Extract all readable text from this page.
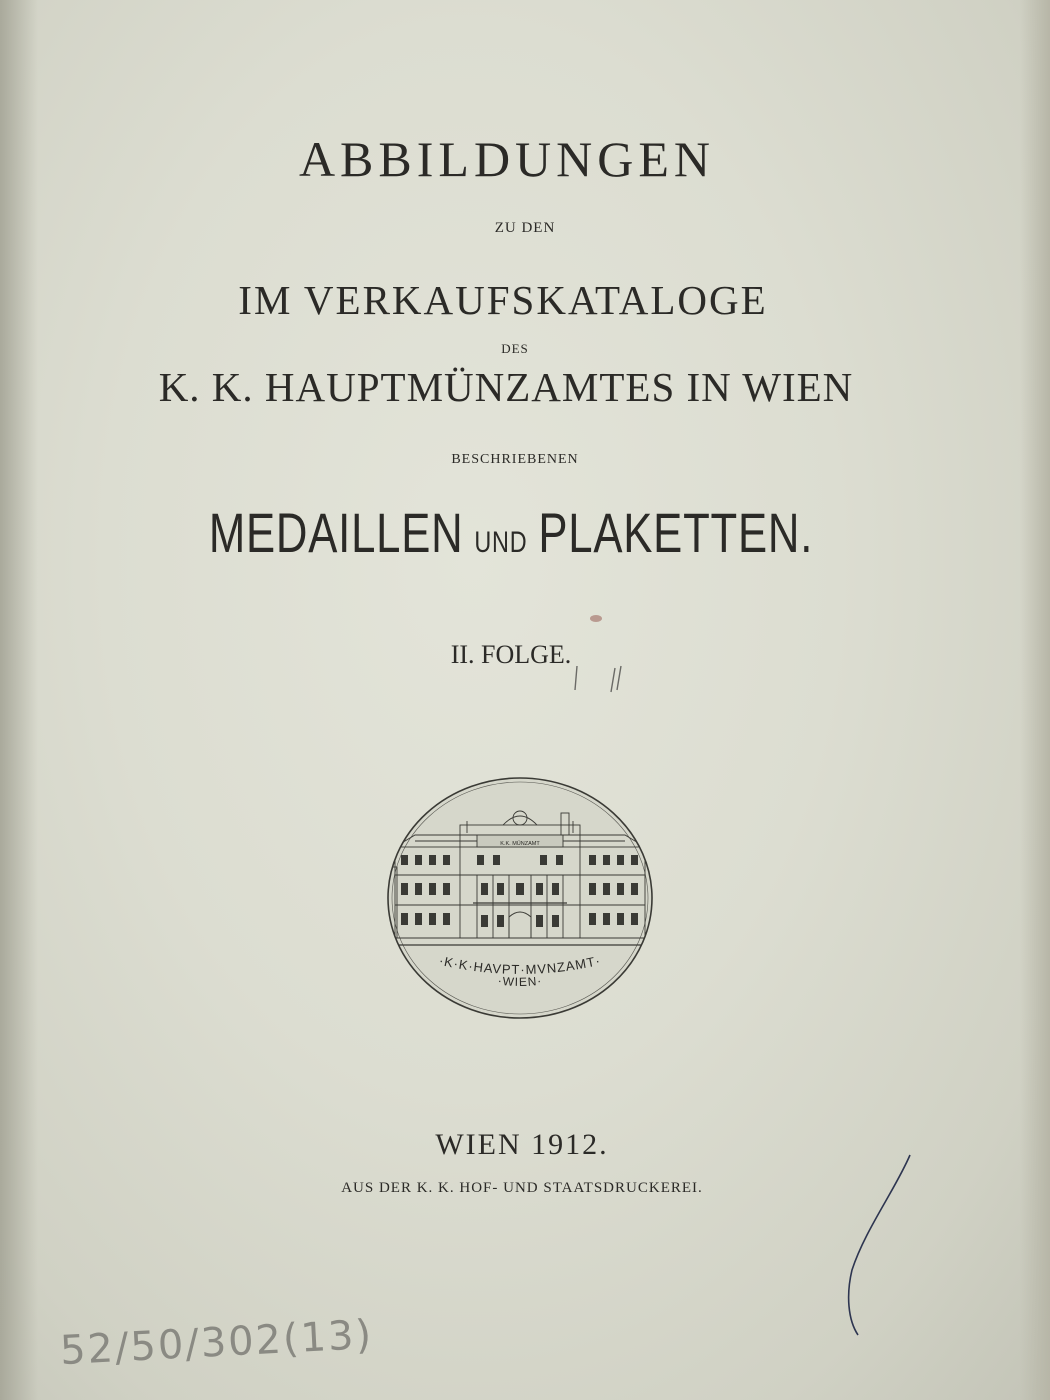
ABBILDUNGEN

ZU DEN

IM VERKAUFSKATALOGE

DES

K. K. HAUPTMÜNZAMTES IN WIEN

BESCHRIEBENEN

MEDAILLEN UND PLAKETTEN.

II. FOLGE.

K.K. MÜNZAMT
·K·K·HAVPT·MVNZAMT·
·WIEN·

WIEN 1912.

AUS DER K. K. HOF- UND STAATSDRUCKEREI.

52/50/302(13)
